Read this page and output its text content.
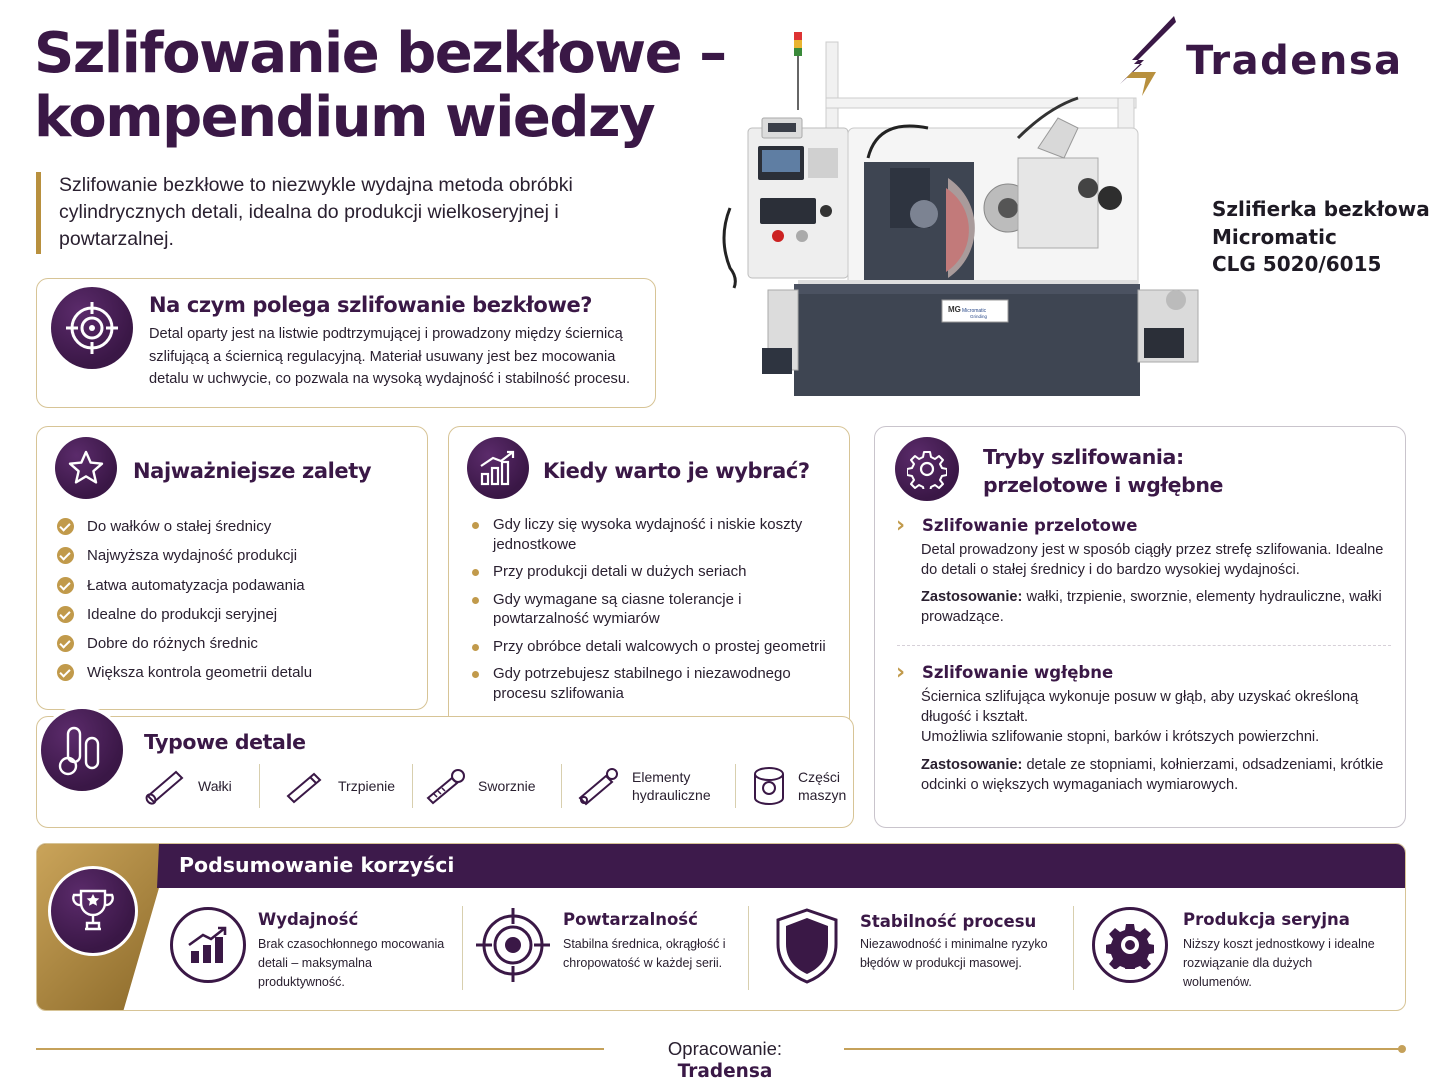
Szlifowanie bezkłowe –
kompendium wiedzy
Szlifowanie bezkłowe to niezwykle wydajna metoda obróbki cylindrycznych detali, idealna do produkcji wielkoseryjnej i powtarzalnej.
Tradensa
MG Micromatic
Grinding
Szlifierka bezkłowa
Micromatic
CLG 5020/6015
Na czym polega szlifowanie bezkłowe?
Detal oparty jest na listwie podtrzymującej i prowadzony między ściernicą szlifującą a ściernicą regulacyjną. Materiał usuwany jest bez mocowania detalu w uchwycie, co pozwala na wysoką wydajność i stabilność procesu.
Najważniejsze zalety
Do wałków o stałej średnicy
Najwyższa wydajność produkcji
Łatwa automatyzacja podawania
Idealne do produkcji seryjnej
Dobre do różnych średnic
Większa kontrola geometrii detalu
Kiedy warto je wybrać?
Gdy liczy się wysoka wydajność i niskie koszty jednostkowe
Przy produkcji detali w dużych seriach
Gdy wymagane są ciasne tolerancje i powtarzalność wymiarów
Przy obróbce detali walcowych o prostej geometrii
Gdy potrzebujesz stabilnego i niezawodnego procesu szlifowania
Tryby szlifowania:
przelotowe i wgłębne
› Szlifowanie przelotowe
Detal prowadzony jest w sposób ciągły przez strefę szlifowania. Idealne do detali o stałej średnicy i do bardzo wysokiej wydajności.
Zastosowanie: wałki, trzpienie, sworznie, elementy hydrauliczne, wałki prowadzące.
› Szlifowanie wgłębne
Ściernica szlifująca wykonuje posuw w głąb, aby uzyskać określoną długość i kształt.
Umożliwia szlifowanie stopni, barków i krótszych powierzchni.
Zastosowanie: detale ze stopniami, kołnierzami, odsadzeniami, krótkie odcinki o większych wymaganiach wymiarowych.
Typowe detale
Wałki	Trzpienie	Sworznie
Elementy hydrauliczne
Części maszyn
Podsumowanie korzyści
Wydajność
Brak czasochłonnego mocowania detali – maksymalna produktywność.
Powtarzalność
Stabilna średnica, okrągłość i chropowatość w każdej serii.
Stabilność procesu
Niezawodność i minimalne ryzyko błędów w produkcji masowej.
Produkcja seryjna
Niższy koszt jednostkowy i idealne rozwiązanie dla dużych wolumenów.
Opracowanie: Tradensa
